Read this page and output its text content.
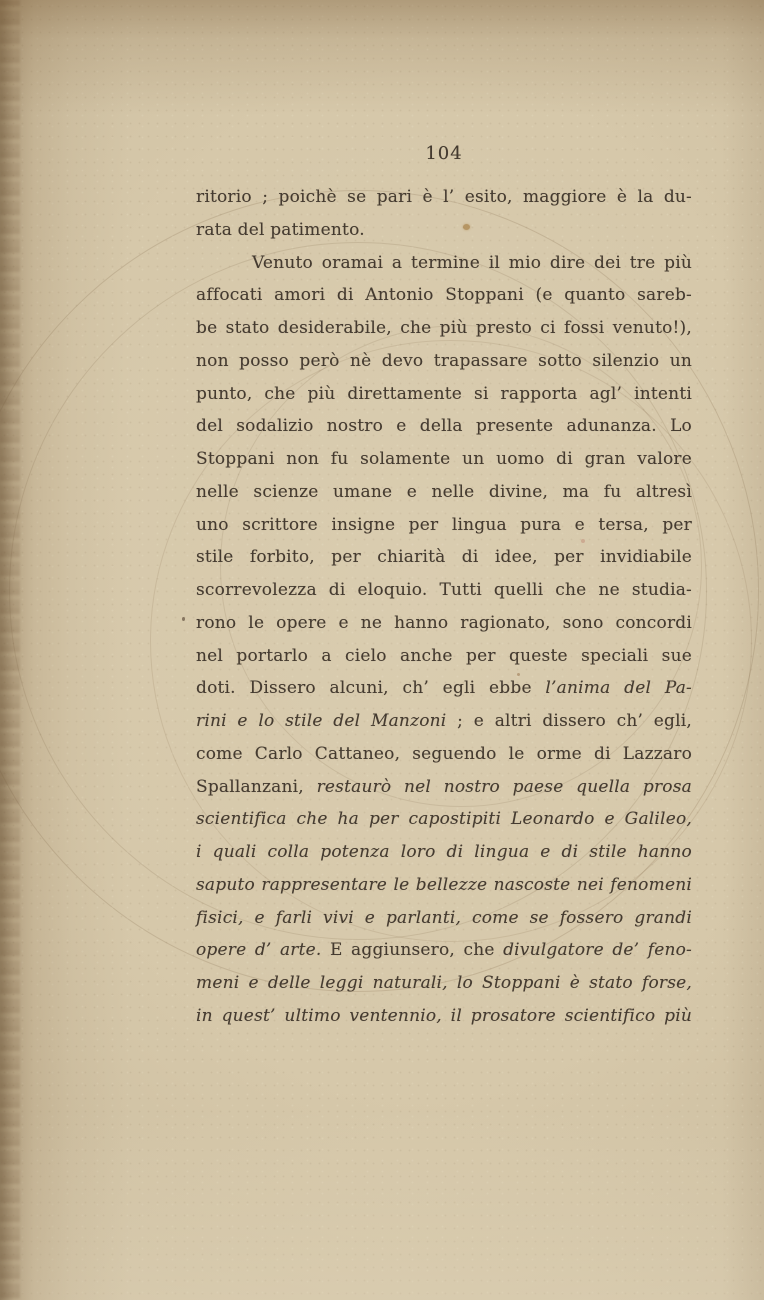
104
ritorio ; poichè se pari è l’ esito, maggiore è la du-
rata del patimento.
Venuto oramai a termine il mio dire dei tre più
affocati amori di Antonio Stoppani (e quanto sareb-
be stato desiderabile, che più presto ci fossi venuto!),
non posso però nè devo trapassare sotto silenzio un
punto, che più direttamente si rapporta agl’ intenti
del sodalizio nostro e della presente adunanza. Lo
Stoppani non fu solamente un uomo di gran valore
nelle scienze umane e nelle divine, ma fu altresì
uno scrittore insigne per lingua pura e tersa, per
stile forbito, per chiarità di idee, per invidiabile
scorrevolezza di eloquio. Tutti quelli che ne studia-
rono le opere e ne hanno ragionato, sono concordi
nel portarlo a cielo anche per queste speciali sue
doti. Dissero alcuni, ch’ egli ebbe l’anima del Pa-
rini e lo stile del Manzoni ; e altri dissero ch’ egli,
come Carlo Cattaneo, seguendo le orme di Lazzaro
Spallanzani, restaurò nel nostro paese quella prosa
scientifica che ha per capostipiti Leonardo e Galileo,
i quali colla potenza loro di lingua e di stile hanno
saputo rappresentare le bellezze nascoste nei fenomeni
fisici, e farli vivi e parlanti, come se fossero grandi
opere d’ arte. E aggiunsero, che divulgatore de’ feno-
meni e delle leggi naturali, lo Stoppani è stato forse,
in quest’ ultimo ventennio, il prosatore scientifico più
